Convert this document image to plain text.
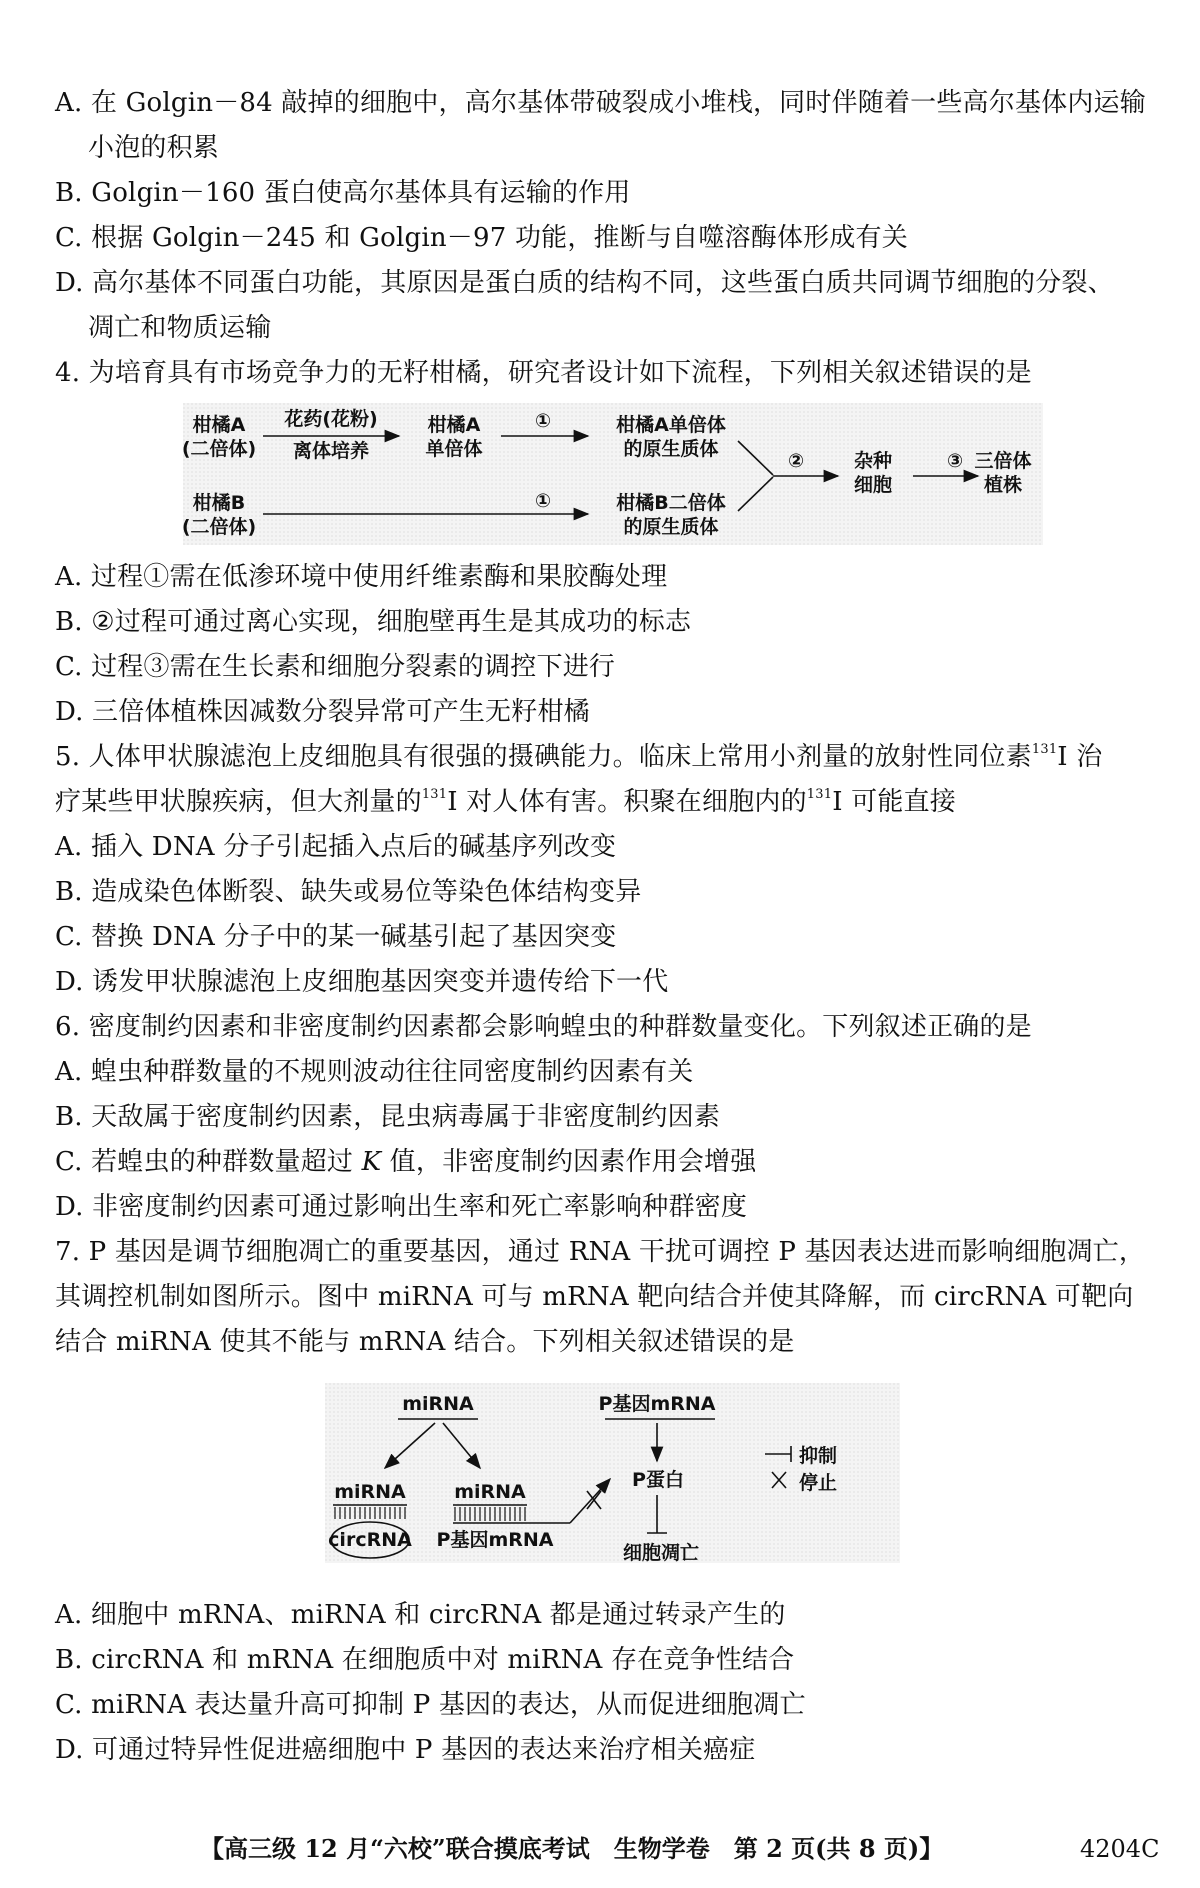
A. 在 Golgin－84 敲掉的细胞中，高尔基体带破裂成小堆栈，同时伴随着一些高尔基体内运输
小泡的积累
B. Golgin－160 蛋白使高尔基体具有运输的作用
C. 根据 Golgin－245 和 Golgin－97 功能，推断与自噬溶酶体形成有关
D. 高尔基体不同蛋白功能，其原因是蛋白质的结构不同，这些蛋白质共同调节细胞的分裂、
凋亡和物质运输
4. 为培育具有市场竞争力的无籽柑橘，研究者设计如下流程，下列相关叙述错误的是
柑橘A
(二倍体)
花药(花粉)
离体培养
柑橘A
单倍体
①	柑橘A单倍体
的原生质体
柑橘B
(二倍体)
①	柑橘B二倍体
的原生质体
②	杂种
细胞
③ 三倍体
植株
A. 过程①需在低渗环境中使用纤维素酶和果胶酶处理
B. ②过程可通过离心实现，细胞壁再生是其成功的标志
C. 过程③需在生长素和细胞分裂素的调控下进行
D. 三倍体植株因减数分裂异常可产生无籽柑橘
5. 人体甲状腺滤泡上皮细胞具有很强的摄碘能力。临床上常用小剂量的放射性同位素$^{131}$I 治
疗某些甲状腺疾病，但大剂量的$^{131}$I 对人体有害。积聚在细胞内的$^{131}$I 可能直接
A. 插入 DNA 分子引起插入点后的碱基序列改变
B. 造成染色体断裂、缺失或易位等染色体结构变异
C. 替换 DNA 分子中的某一碱基引起了基因突变
D. 诱发甲状腺滤泡上皮细胞基因突变并遗传给下一代
6. 密度制约因素和非密度制约因素都会影响蝗虫的种群数量变化。下列叙述正确的是
A. 蝗虫种群数量的不规则波动往往同密度制约因素有关
B. 天敌属于密度制约因素，昆虫病毒属于非密度制约因素
C. 若蝗虫的种群数量超过 K 值，非密度制约因素作用会增强
D. 非密度制约因素可通过影响出生率和死亡率影响种群密度
7. P 基因是调节细胞凋亡的重要基因，通过 RNA 干扰可调控 P 基因表达进而影响细胞凋亡，
其调控机制如图所示。图中 miRNA 可与 mRNA 靶向结合并使其降解，而 circRNA 可靶向
结合 miRNA 使其不能与 mRNA 结合。下列相关叙述错误的是
miRNA
miRNA
circRNA
miRNA
P基因mRNA
P基因mRNA
P蛋白
细胞凋亡
抑制
停止
A. 细胞中 mRNA、miRNA 和 circRNA 都是通过转录产生的
B. circRNA 和 mRNA 在细胞质中对 miRNA 存在竞争性结合
C. miRNA 表达量升高可抑制 P 基因的表达，从而促进细胞凋亡
D. 可通过特异性促进癌细胞中 P 基因的表达来治疗相关癌症
【高三级 12 月“六校”联合摸底考试　生物学卷　第 2 页(共 8 页)】	4204C
